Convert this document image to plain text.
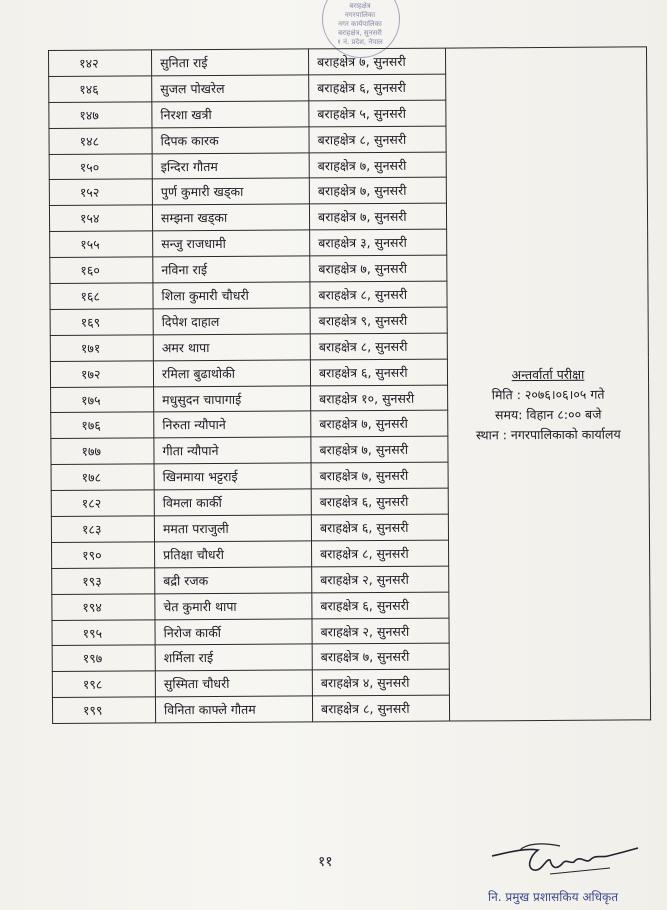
बराहक्षेत्र
नगरपालिका
नगर कार्यपालिका
बराहक्षेत्र, सुनसरी
१ नं. प्रदेश, नेपाल
१४२	सुनिता राई	बराहक्षेत्र ७, सुनसरी	अन्तर्वार्ता परीक्षा
मिति : २०७६।०६।०५ गते
समय: विहान ८:०० बजे
स्थान : नगरपालिकाको कार्यालय

१४६	सुजल पोखरेल	बराहक्षेत्र ६, सुनसरी	
१४७	निरशा खत्री	बराहक्षेत्र ५, सुनसरी	
१४८	दिपक कारक	बराहक्षेत्र ८, सुनसरी	
१५०	इन्दिरा गौतम	बराहक्षेत्र ७, सुनसरी	
१५२	पुर्ण कुमारी खड्का	बराहक्षेत्र ७, सुनसरी	
१५४	सम्झना खड्का	बराहक्षेत्र ७, सुनसरी	
१५५	सन्जु राजधामी	बराहक्षेत्र ३, सुनसरी	
१६०	नविना राई	बराहक्षेत्र ७, सुनसरी	
१६८	शिला कुमारी चौधरी	बराहक्षेत्र ८, सुनसरी	
१६९	दिपेश दाहाल	बराहक्षेत्र ९, सुनसरी	
१७१	अमर थापा	बराहक्षेत्र ८, सुनसरी	
१७२	रमिला बुढाथोकी	बराहक्षेत्र ६, सुनसरी	
१७५	मधुसुदन चापागाई	बराहक्षेत्र १०, सुनसरी	
१७६	निरुता न्यौपाने	बराहक्षेत्र ७, सुनसरी	
१७७	गीता न्यौपाने	बराहक्षेत्र ७, सुनसरी	
१७८	खिनमाया भट्टराई	बराहक्षेत्र ७, सुनसरी	
१८२	विमला कार्की	बराहक्षेत्र ६, सुनसरी	
१८३	ममता पराजुली	बराहक्षेत्र ६, सुनसरी	
१९०	प्रतिक्षा चौधरी	बराहक्षेत्र ८, सुनसरी	
१९३	बद्री रजक	बराहक्षेत्र २, सुनसरी	
१९४	चेत कुमारी थापा	बराहक्षेत्र ६, सुनसरी	
१९५	निरोज कार्की	बराहक्षेत्र २, सुनसरी	
१९७	शर्मिला राई	बराहक्षेत्र ७, सुनसरी	
१९८	सुस्मिता चौधरी	बराहक्षेत्र ४, सुनसरी	
१९९	विनिता काफ्ले गौतम	बराहक्षेत्र ८, सुनसरी	
११
नि. प्रमुख प्रशासकिय अधिकृत
